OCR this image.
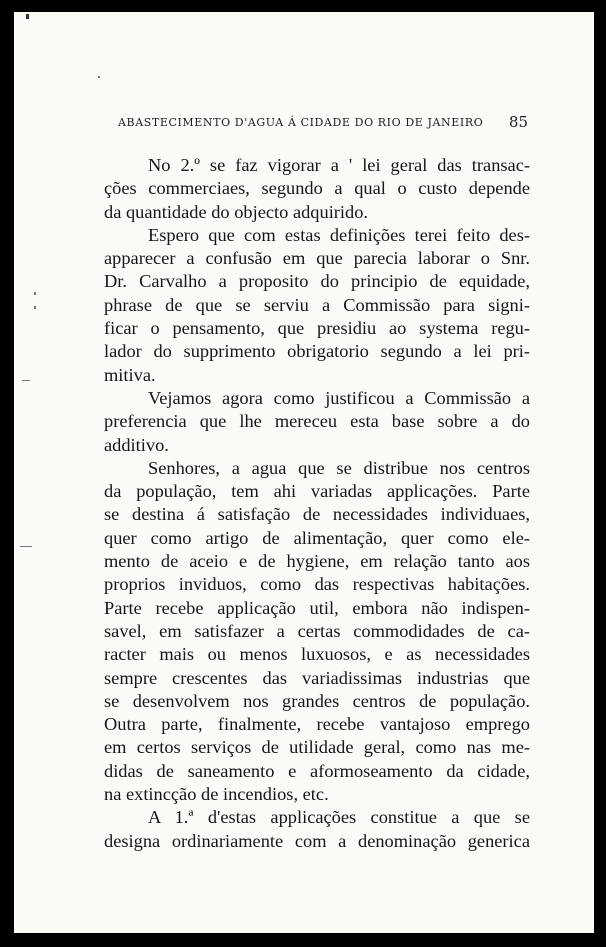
ABASTECIMENTO D'AGUA Á CIDADE DO RIO DE JANEIRO 85
No 2.º se faz vigorar a ' lei geral das transac-
ções commerciaes, segundo a qual o custo depende
da quantidade do objecto adquirido.
Espero que com estas definições terei feito des-
apparecer a confusão em que parecia laborar o Snr.
Dr. Carvalho a proposito do principio de equidade,
phrase de que se serviu a Commissão para signi-
ficar o pensamento, que presidiu ao systema regu-
lador do supprimento obrigatorio segundo a lei pri-
mitiva.
Vejamos agora como justificou a Commissão a
preferencia que lhe mereceu esta base sobre a do
additivo.
Senhores, a agua que se distribue nos centros
da população, tem ahi variadas applicações. Parte
se destina á satisfação de necessidades individuaes,
quer como artigo de alimentação, quer como ele-
mento de aceio e de hygiene, em relação tanto aos
proprios inviduos, como das respectivas habitações.
Parte recebe applicação util, embora não indispen-
savel, em satisfazer a certas commodidades de ca-
racter mais ou menos luxuosos, e as necessidades
sempre crescentes das variadissimas industrias que
se desenvolvem nos grandes centros de população.
Outra parte, finalmente, recebe vantajoso emprego
em certos serviços de utilidade geral, como nas me-
didas de saneamento e aformoseamento da cidade,
na extincção de incendios, etc.
A 1.ª d'estas applicações constitue a que se
designa ordinariamente com a denominação generica
